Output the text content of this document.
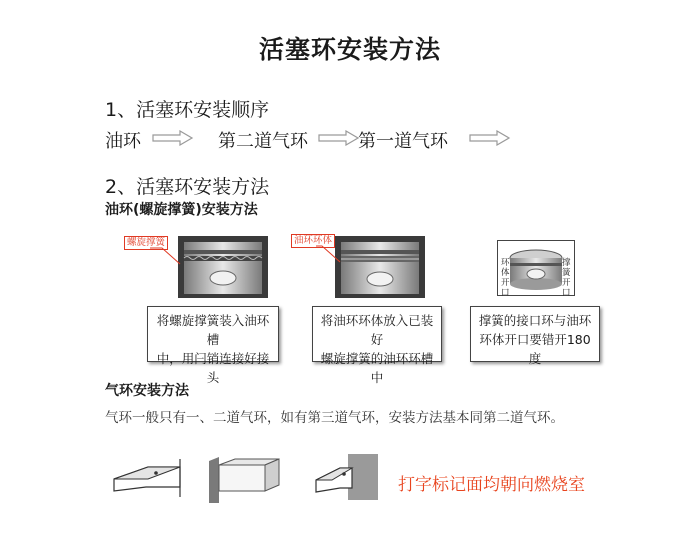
活塞环安装方法
1、活塞环安装顺序
油环	第二道气环	第一道气环
2、活塞环安装方法
油环(螺旋撑簧)安装方法
螺旋撑簧	油环环体
环体开口
撑簧开口
将螺旋撑簧装入油环槽
中，用闩销连接好接头
将油环环体放入已装好
螺旋撑簧的油环环槽中
撑簧的接口环与油环
环体开口要错开180度
气环安装方法
气环一般只有一、二道气环，如有第三道气环，安装方法基本同第二道气环。
打字标记面均朝向燃烧室
